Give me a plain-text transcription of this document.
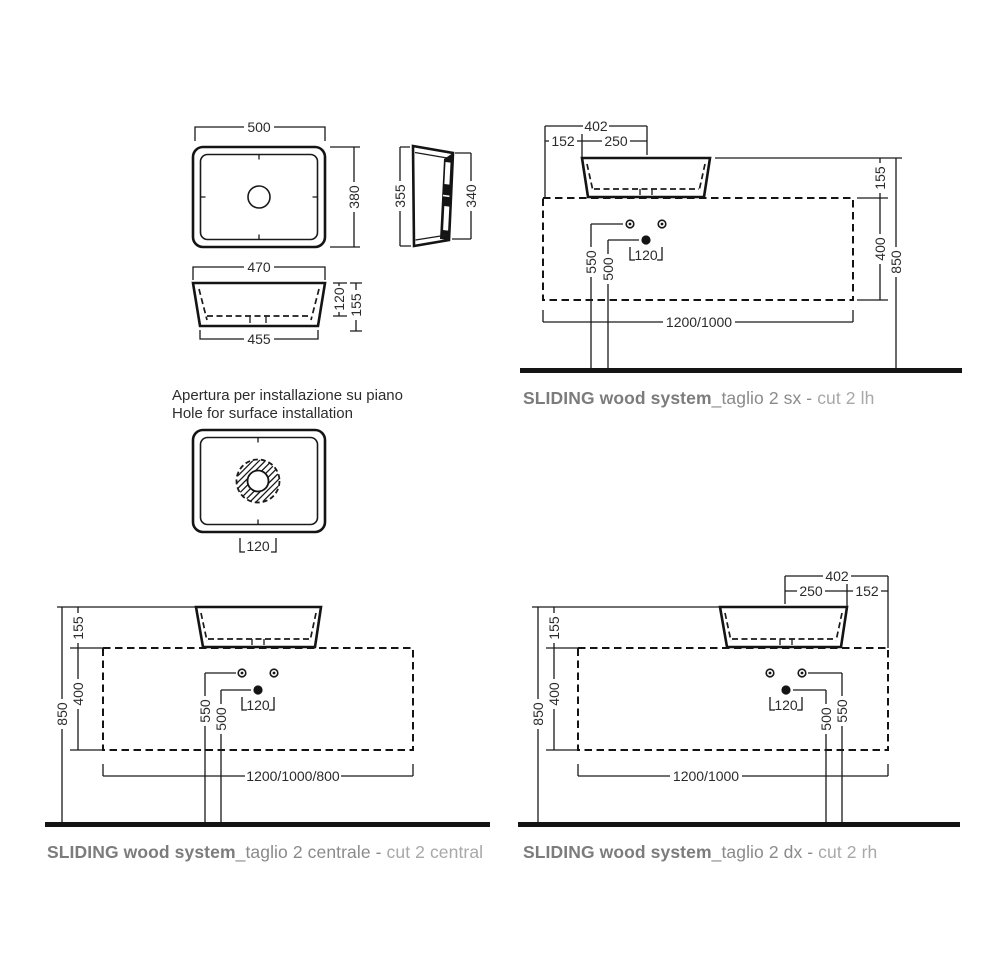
500
380 355	340
470
120 155
455
120
402
152 250
120
550 500
155
400
850
1200/1000
155
400
850	120
550 500
1200/1000/800
402
250 152
120
500 550
155
400
850
1200/1000
Apertura per installazione su piano
Hole for surface installation
SLIDING wood system_taglio 2 sx - cut 2 lh
SLIDING wood system_taglio 2 centrale - cut 2 central SLIDING wood system_taglio 2 dx - cut 2 rh
